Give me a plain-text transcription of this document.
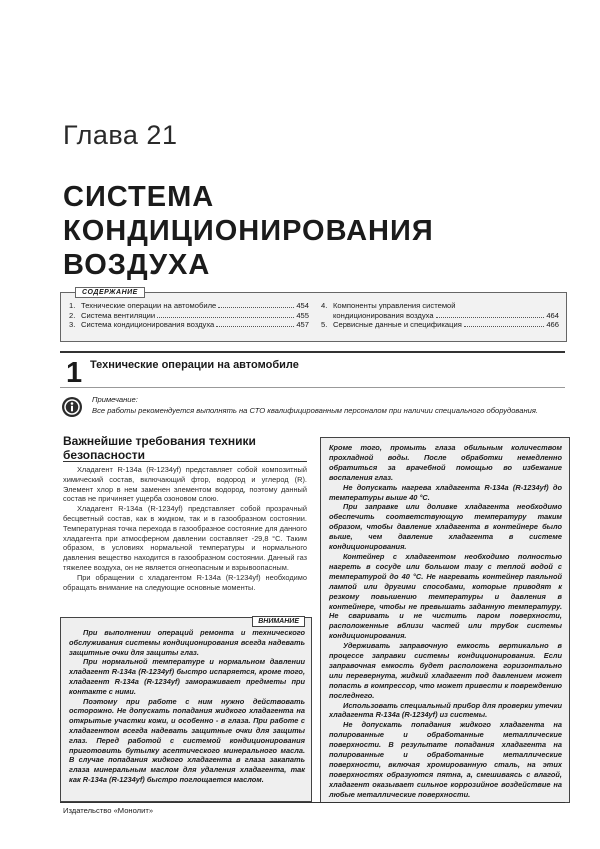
Глава 21
СИСТЕМА
КОНДИЦИОНИРОВАНИЯ
ВОЗДУХА
СОДЕРЖАНИЕ
1. Технические операции на автомобиле	454
2. Система вентиляции	455
3. Система кондиционирования воздуха	457
4. Компоненты управления системой
кондиционирования воздуха	464
5. Сервисные данные и спецификация	466
1 Технические операции на автомобиле
Примечание:
Все работы рекомендуется выполнять на СТО квалифицированным персоналом при наличии специального оборудования.
Важнейшие требования техники безопасности

Хладагент R-134a (R-1234yf) представляет собой композитный химический состав, включающий фтор, водород и углерод (R). Элемент хлор в нем заменен элементом водород, поэтому данный состав не причиняет ущерба озоновом слою.

Хладагент R-134a (R-1234yf) представляет собой прозрачный бесцветный состав, как в жидком, так и в газообразном состоянии. Температурная точка перехода в газообразное состояние для данного хладагента при атмосферном давлении составляет -29,8 °С. Таким образом, в условиях нормальной температуры и нормального давления вещество находится в газообразном состоянии. Данный газ тяжелее воздуха, он не является огнеопасным и взрывоопасным.

При обращении с хладагентом R-134a (R-1234yf) необходимо обращать внимание на следующие основные моменты.

ВНИМАНИЕ

При выполнении операций ремонта и технического обслуживания системы кондиционирования всегда надевать защитные очки для защиты глаз.

При нормальной температуре и нормальном давлении хладагент R-134a (R-1234yf) быстро испаряется, кроме того, хладагент R-134a (R-1234yf) замораживает предметы при контакте с ними.

Поэтому при работе с ним нужно действовать осторожно. Не допускать попадания жидкого хладагента на открытые участки кожи, и особенно - в глаза. При работе с хладагентом всегда надевать защитные очки для защиты глаз. Перед работой с системой кондиционирования приготовить бутылку асептического минерального масла. В случае попадания жидкого хладагента в глаза закапать глаза минеральным маслом для удаления хладагента, так как R-134a (R-1234yf) быстро поглощается маслом.

Кроме того, промыть глаза обильным количеством прохладной воды. После обработки немедленно обратиться за врачебной помощью во избежание воспаления глаз.

Не допускать нагрева хладагента R-134a (R-1234yf) до температуры выше 40 °С.

При заправке или доливке хладагента необходимо обеспечить соответствующую температуру таким образом, чтобы давление хладагента в контейнере было выше, чем давление хладагента в системе кондиционирования.

Контейнер с хладагентом необходимо полностью нагреть в сосуде или большом тазу с теплой водой с температурой до 40 °С. Не нагревать контейнер паяльной лампой или другими способами, которые приводят к резкому повышению температуры и давления в контейнере, чтобы не превышать заданную температуру. Не сваривать и не чистить паром поверхности, расположенные вблизи частей или трубок системы кондиционирования.

Удерживать заправочную емкость вертикально в процессе заправки системы кондиционирования. Если заправочная емкость будет расположена горизонтально или перевернута, жидкий хладагент под давлением может попасть в компрессор, что может привести к повреждению последнего.

Использовать специальный прибор для проверки утечки хладагента R-134a (R-1234yf) из системы.

Не допускать попадания жидкого хладагента на полированные и обработанные металлические поверхности. В результате попадания хладагента на полированные и обработанные металлические поверхности, включая хромированную сталь, на этих поверхностях образуются пятна, а, смешиваясь с влагой, хладагент оказывает сильное коррозийное воздействие на любые металлические поверхности.

Издательство «Монолит»
